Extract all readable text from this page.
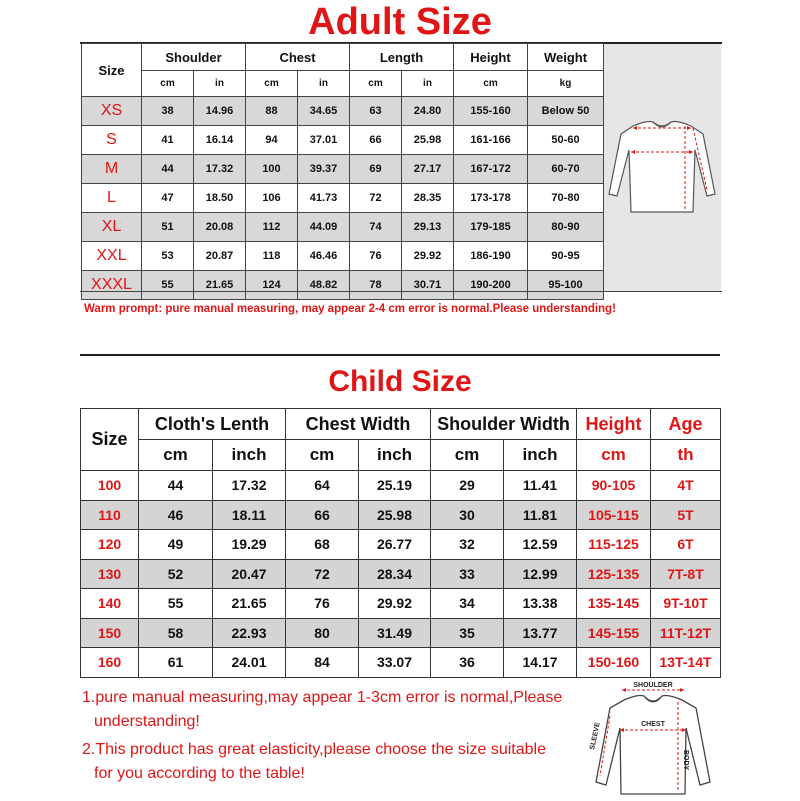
Adult Size
Size	Shoulder		Chest		Length		Height	Weight
	cm	in	cm	in	cm	in	cm	kg
XS	38	14.96	88	34.65	63	24.80	155-160	Below 50
S	41	16.14	94	37.01	66	25.98	161-166	50-60
M	44	17.32	100	39.37	69	27.17	167-172	60-70
L	47	18.50	106	41.73	72	28.35	173-178	70-80
XL	51	20.08	112	44.09	74	29.13	179-185	80-90
XXL	53	20.87	118	46.46	76	29.92	186-190	90-95
XXXL	55	21.65	124	48.82	78	30.71	190-200	95-100
Warm prompt: pure manual measuring, may appear 2-4 cm error is normal.Please understanding!
Child Size
Size	Cloth's Lenth		Chest Width		Shoulder Width		Height	Age
	cm	inch	cm	inch	cm	inch	cm	th
100	44	17.32	64	25.19	29	11.41	90-105	4T
110	46	18.11	66	25.98	30	11.81	105-115	5T
120	49	19.29	68	26.77	32	12.59	115-125	6T
130	52	20.47	72	28.34	33	12.99	125-135	7T-8T
140	55	21.65	76	29.92	34	13.38	135-145	9T-10T
150	58	22.93	80	31.49	35	13.77	145-155	11T-12T
160	61	24.01	84	33.07	36	14.17	150-160	13T-14T
1.pure manual measuring,may appear 1-3cm error is normal,Please
understanding!
2.This product has great elasticity,please choose the size suitable
for you according to the table!
SHOULDER
CHEST
SLEEVE
BODY
